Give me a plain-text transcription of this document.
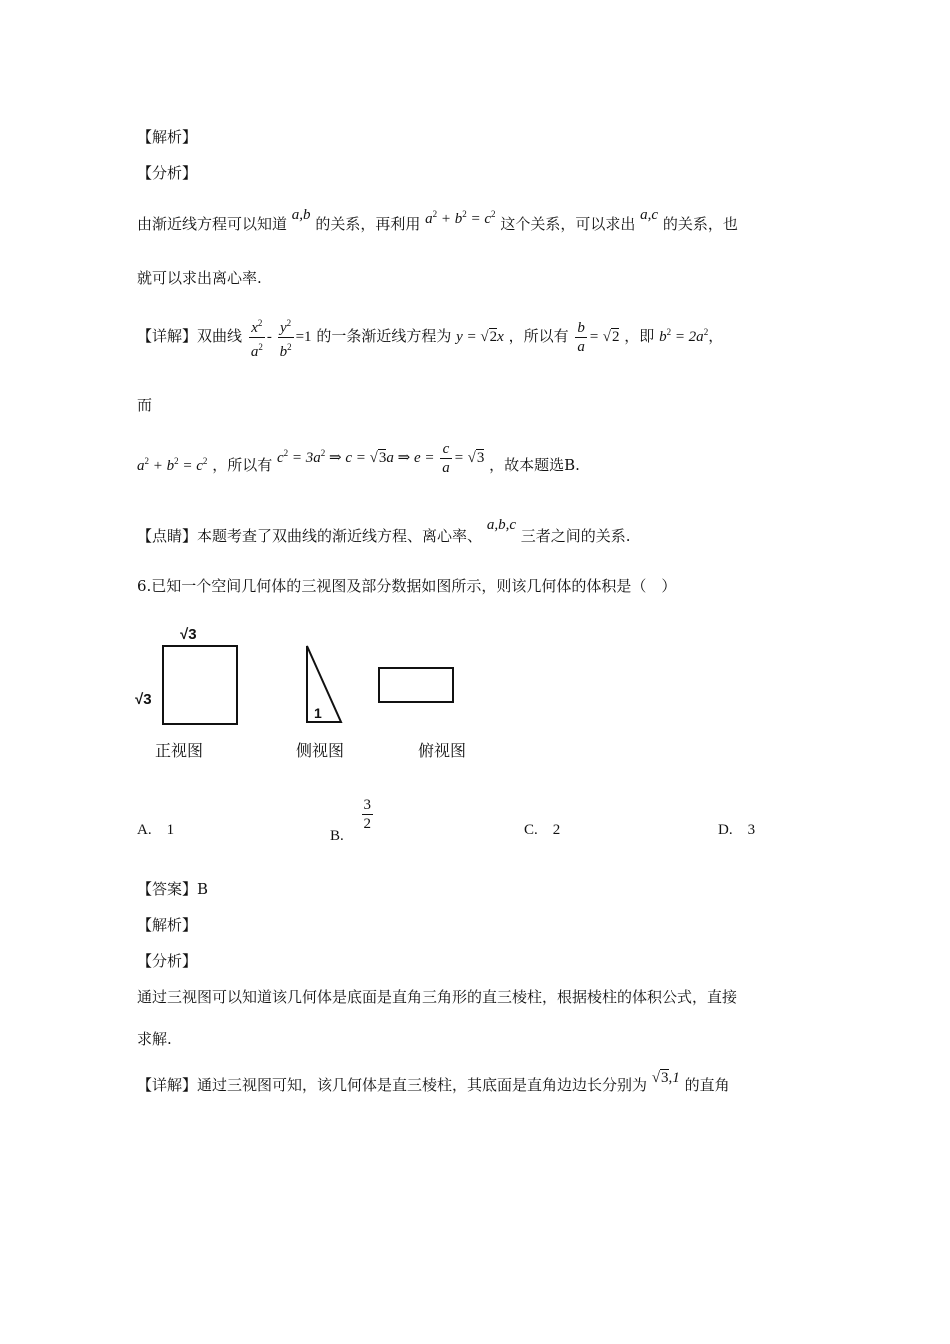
【解析】
【分析】
由渐近线方程可以知道 a,b 的关系，再利用 $a^2 + b^2 = c^2$ 这个关系，可以求出 a,c 的关系，也
就可以求出离心率.
【详解】双曲线 $\frac{x^2}{a^2} - \frac{y^2}{b^2} =1$ 的一条渐近线方程为 y = √2x ，所以有 $\frac{b}{a} = √2$ ，即 $b^2 = 2a^2$，
而
$a^2 + b^2 = c^2$ ，所以有 $c^2 = 3a^2$ ⇒ c = √3a ⇒ $e = \frac{c}{a} = √3$ ，故本题选B.
【点睛】本题考查了双曲线的渐近线方程、离心率、 a,b,c 三者之间的关系.
6.已知一个空间几何体的三视图及部分数据如图所示，则该几何体的体积是（　）
√3
√3
1
正视图	侧视图	俯视图
A.　1	B.
$\frac{3}{2}$	C.　2	D.　3
【答案】B
【解析】
【分析】
通过三视图可以知道该几何体是底面是直角三角形的直三棱柱，根据棱柱的体积公式，直接
求解.
【详解】通过三视图可知，该几何体是直三棱柱，其底面是直角边边长分别为 √3,1 的直角
